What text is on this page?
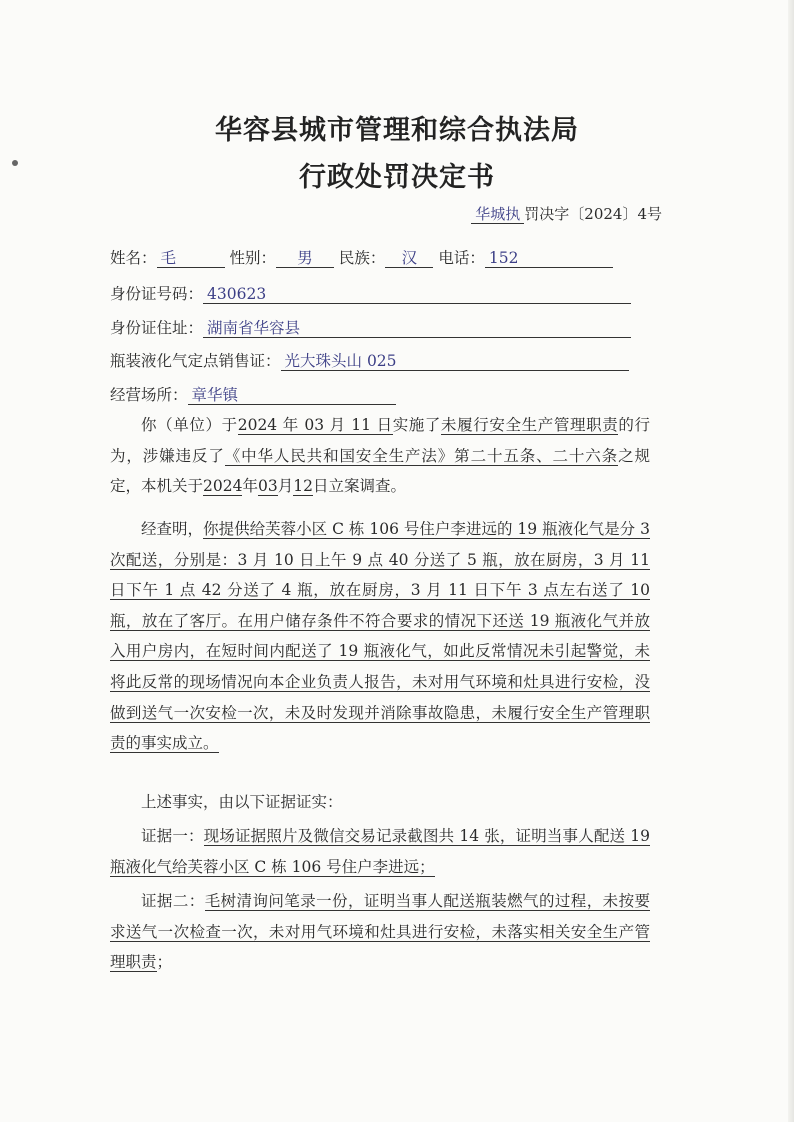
华容县城市管理和综合执法局
行政处罚决定书
华城执 罚决字〔2024〕4号
姓名： 毛	性别： 男 民族： 汉 电话： 152
身份证号码： 430623
身份证住址： 湖南省华容县
瓶装液化气定点销售证： 光大珠头山 025
经营场所： 章华镇
你（单位）于2024 年 03 月 11 日实施了未履行安全生产管理职责的行为，涉嫌违反了《中华人民共和国安全生产法》第二十五条、二十六条之规定，本机关于2024年03月12日立案调查。
经查明，你提供给芙蓉小区 C 栋 106 号住户李进远的 19 瓶液化气是分 3 次配送，分别是：3 月 10 日上午 9 点 40 分送了 5 瓶，放在厨房，3 月 11 日下午 1 点 42 分送了 4 瓶，放在厨房，3 月 11 日下午 3 点左右送了 10 瓶，放在了客厅。在用户储存条件不符合要求的情况下还送 19 瓶液化气并放入用户房内，在短时间内配送了 19 瓶液化气，如此反常情况未引起警觉，未将此反常的现场情况向本企业负责人报告，未对用气环境和灶具进行安检，没做到送气一次安检一次，未及时发现并消除事故隐患，未履行安全生产管理职责的事实成立。
上述事实，由以下证据证实：
证据一：现场证据照片及微信交易记录截图共 14 张，证明当事人配送 19 瓶液化气给芙蓉小区 C 栋 106 号住户李进远；
证据二：毛树清询问笔录一份，证明当事人配送瓶装燃气的过程，未按要求送气一次检查一次，未对用气环境和灶具进行安检，未落实相关安全生产管理职责；
